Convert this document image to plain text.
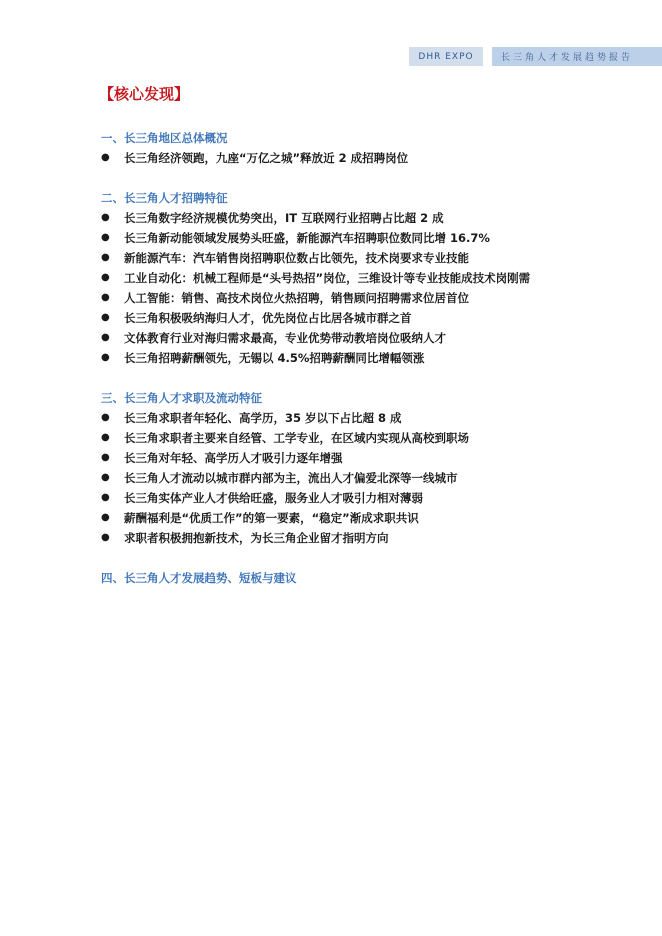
DHR EXPO	长三角人才发展趋势报告
【核心发现】
一、长三角地区总体概况
● 长三角经济领跑，九座“万亿之城”释放近 2 成招聘岗位
二、长三角人才招聘特征
● 长三角数字经济规模优势突出，IT 互联网行业招聘占比超 2 成
● 长三角新动能领域发展势头旺盛，新能源汽车招聘职位数同比增 16.7%
● 新能源汽车：汽车销售岗招聘职位数占比领先，技术岗要求专业技能
● 工业自动化：机械工程师是“头号热招”岗位，三维设计等专业技能成技术岗刚需
● 人工智能：销售、高技术岗位火热招聘，销售顾问招聘需求位居首位
● 长三角积极吸纳海归人才，优先岗位占比居各城市群之首
● 文体教育行业对海归需求最高，专业优势带动教培岗位吸纳人才
● 长三角招聘薪酬领先，无锡以 4.5%招聘薪酬同比增幅领涨
三、长三角人才求职及流动特征
● 长三角求职者年轻化、高学历，35 岁以下占比超 8 成
● 长三角求职者主要来自经管、工学专业，在区域内实现从高校到职场
● 长三角对年轻、高学历人才吸引力逐年增强
● 长三角人才流动以城市群内部为主，流出人才偏爱北深等一线城市
● 长三角实体产业人才供给旺盛，服务业人才吸引力相对薄弱
● 薪酬福利是“优质工作”的第一要素，“稳定”渐成求职共识
● 求职者积极拥抱新技术，为长三角企业留才指明方向
四、长三角人才发展趋势、短板与建议
